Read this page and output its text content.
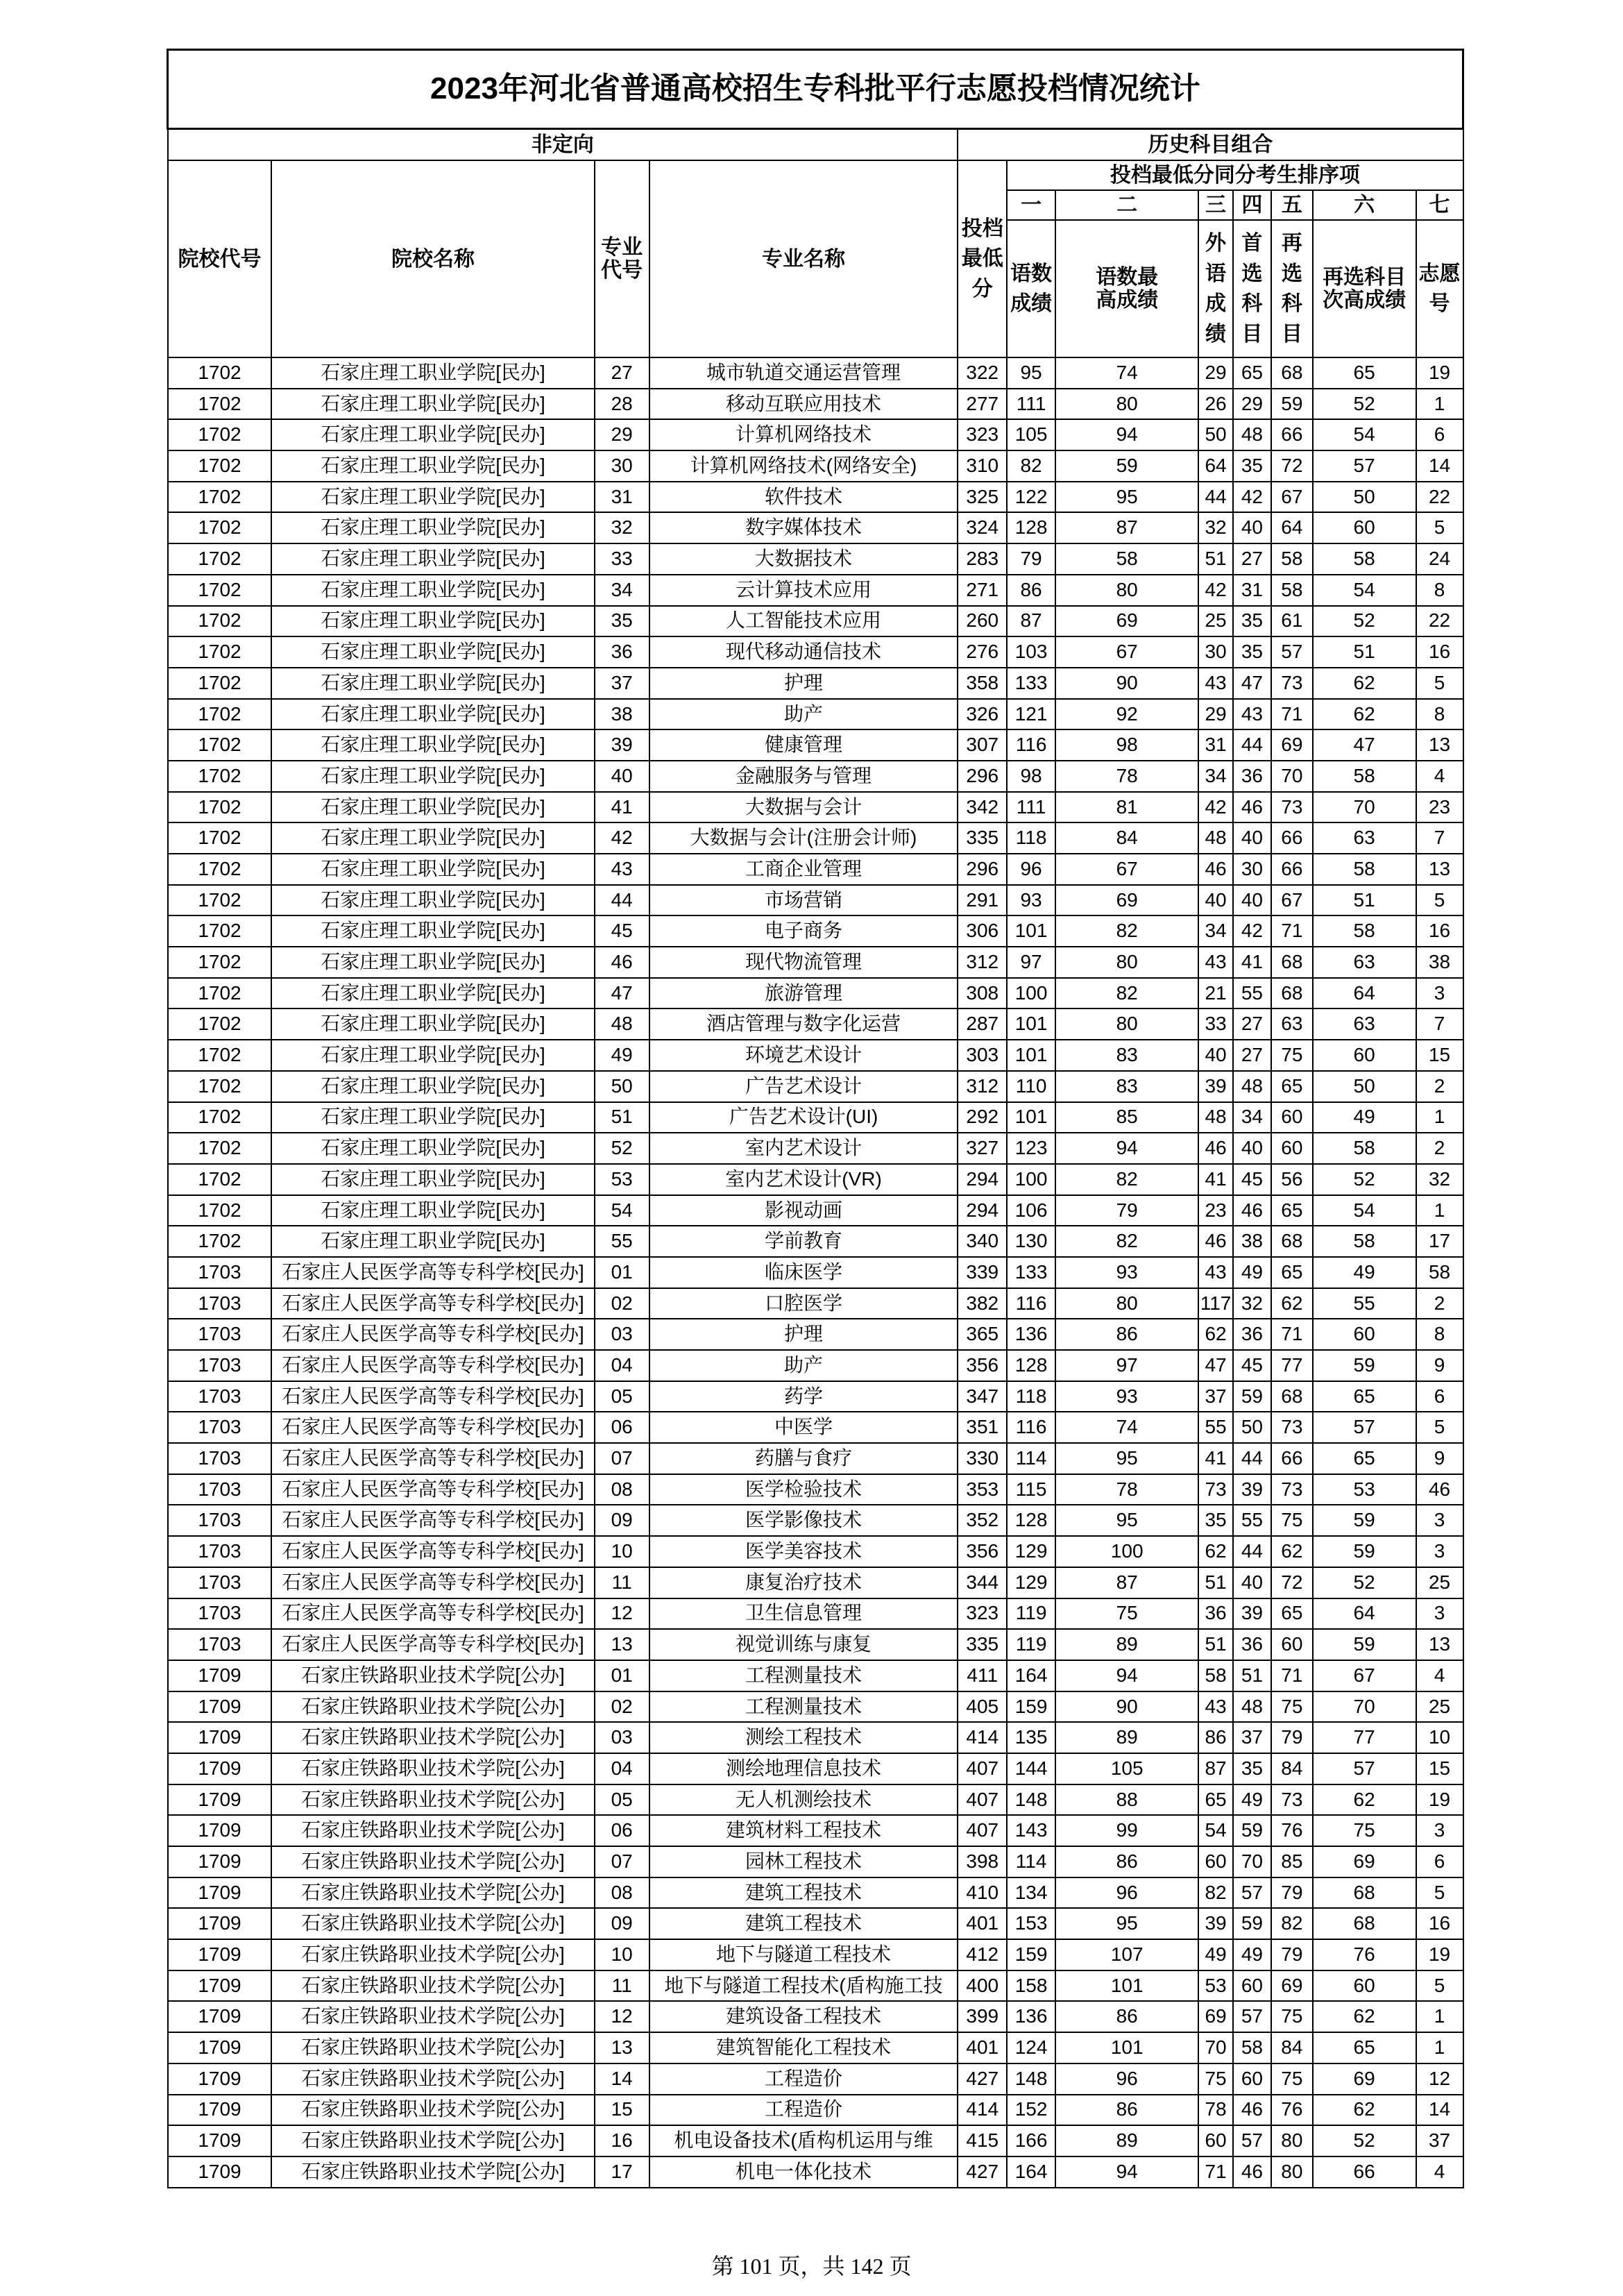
2023年河北省普通高校招生专科批平行志愿投档情况统计											
非定向				历史科目组合							
院校代号	院校名称	专业代号	专业名称	投档最低分	投档最低分同分考生排序项						
					一	二	三	四	五	六	七
					语数成绩	语数最高成绩	外语成绩	首选科目	再选科目	再选科目次高成绩	志愿号
1702	石家庄理工职业学院[民办]	27	城市轨道交通运营管理	322	95	74	29	65	68	65	19
1702	石家庄理工职业学院[民办]	28	移动互联应用技术	277	111	80	26	29	59	52	1
1702	石家庄理工职业学院[民办]	29	计算机网络技术	323	105	94	50	48	66	54	6
1702	石家庄理工职业学院[民办]	30	计算机网络技术(网络安全)	310	82	59	64	35	72	57	14
1702	石家庄理工职业学院[民办]	31	软件技术	325	122	95	44	42	67	50	22
1702	石家庄理工职业学院[民办]	32	数字媒体技术	324	128	87	32	40	64	60	5
1702	石家庄理工职业学院[民办]	33	大数据技术	283	79	58	51	27	58	58	24
1702	石家庄理工职业学院[民办]	34	云计算技术应用	271	86	80	42	31	58	54	8
1702	石家庄理工职业学院[民办]	35	人工智能技术应用	260	87	69	25	35	61	52	22
1702	石家庄理工职业学院[民办]	36	现代移动通信技术	276	103	67	30	35	57	51	16
1702	石家庄理工职业学院[民办]	37	护理	358	133	90	43	47	73	62	5
1702	石家庄理工职业学院[民办]	38	助产	326	121	92	29	43	71	62	8
1702	石家庄理工职业学院[民办]	39	健康管理	307	116	98	31	44	69	47	13
1702	石家庄理工职业学院[民办]	40	金融服务与管理	296	98	78	34	36	70	58	4
1702	石家庄理工职业学院[民办]	41	大数据与会计	342	111	81	42	46	73	70	23
1702	石家庄理工职业学院[民办]	42	大数据与会计(注册会计师)	335	118	84	48	40	66	63	7
1702	石家庄理工职业学院[民办]	43	工商企业管理	296	96	67	46	30	66	58	13
1702	石家庄理工职业学院[民办]	44	市场营销	291	93	69	40	40	67	51	5
1702	石家庄理工职业学院[民办]	45	电子商务	306	101	82	34	42	71	58	16
1702	石家庄理工职业学院[民办]	46	现代物流管理	312	97	80	43	41	68	63	38
1702	石家庄理工职业学院[民办]	47	旅游管理	308	100	82	21	55	68	64	3
1702	石家庄理工职业学院[民办]	48	酒店管理与数字化运营	287	101	80	33	27	63	63	7
1702	石家庄理工职业学院[民办]	49	环境艺术设计	303	101	83	40	27	75	60	15
1702	石家庄理工职业学院[民办]	50	广告艺术设计	312	110	83	39	48	65	50	2
1702	石家庄理工职业学院[民办]	51	广告艺术设计(UI)	292	101	85	48	34	60	49	1
1702	石家庄理工职业学院[民办]	52	室内艺术设计	327	123	94	46	40	60	58	2
1702	石家庄理工职业学院[民办]	53	室内艺术设计(VR)	294	100	82	41	45	56	52	32
1702	石家庄理工职业学院[民办]	54	影视动画	294	106	79	23	46	65	54	1
1702	石家庄理工职业学院[民办]	55	学前教育	340	130	82	46	38	68	58	17
1703	石家庄人民医学高等专科学校[民办]	01	临床医学	339	133	93	43	49	65	49	58
1703	石家庄人民医学高等专科学校[民办]	02	口腔医学	382	116	80	117	32	62	55	2
1703	石家庄人民医学高等专科学校[民办]	03	护理	365	136	86	62	36	71	60	8
1703	石家庄人民医学高等专科学校[民办]	04	助产	356	128	97	47	45	77	59	9
1703	石家庄人民医学高等专科学校[民办]	05	药学	347	118	93	37	59	68	65	6
1703	石家庄人民医学高等专科学校[民办]	06	中医学	351	116	74	55	50	73	57	5
1703	石家庄人民医学高等专科学校[民办]	07	药膳与食疗	330	114	95	41	44	66	65	9
1703	石家庄人民医学高等专科学校[民办]	08	医学检验技术	353	115	78	73	39	73	53	46
1703	石家庄人民医学高等专科学校[民办]	09	医学影像技术	352	128	95	35	55	75	59	3
1703	石家庄人民医学高等专科学校[民办]	10	医学美容技术	356	129	100	62	44	62	59	3
1703	石家庄人民医学高等专科学校[民办]	11	康复治疗技术	344	129	87	51	40	72	52	25
1703	石家庄人民医学高等专科学校[民办]	12	卫生信息管理	323	119	75	36	39	65	64	3
1703	石家庄人民医学高等专科学校[民办]	13	视觉训练与康复	335	119	89	51	36	60	59	13
1709	石家庄铁路职业技术学院[公办]	01	工程测量技术	411	164	94	58	51	71	67	4
1709	石家庄铁路职业技术学院[公办]	02	工程测量技术	405	159	90	43	48	75	70	25
1709	石家庄铁路职业技术学院[公办]	03	测绘工程技术	414	135	89	86	37	79	77	10
1709	石家庄铁路职业技术学院[公办]	04	测绘地理信息技术	407	144	105	87	35	84	57	15
1709	石家庄铁路职业技术学院[公办]	05	无人机测绘技术	407	148	88	65	49	73	62	19
1709	石家庄铁路职业技术学院[公办]	06	建筑材料工程技术	407	143	99	54	59	76	75	3
1709	石家庄铁路职业技术学院[公办]	07	园林工程技术	398	114	86	60	70	85	69	6
1709	石家庄铁路职业技术学院[公办]	08	建筑工程技术	410	134	96	82	57	79	68	5
1709	石家庄铁路职业技术学院[公办]	09	建筑工程技术	401	153	95	39	59	82	68	16
1709	石家庄铁路职业技术学院[公办]	10	地下与隧道工程技术	412	159	107	49	49	79	76	19
1709	石家庄铁路职业技术学院[公办]	11	地下与隧道工程技术(盾构施工技	400	158	101	53	60	69	60	5
1709	石家庄铁路职业技术学院[公办]	12	建筑设备工程技术	399	136	86	69	57	75	62	1
1709	石家庄铁路职业技术学院[公办]	13	建筑智能化工程技术	401	124	101	70	58	84	65	1
1709	石家庄铁路职业技术学院[公办]	14	工程造价	427	148	96	75	60	75	69	12
1709	石家庄铁路职业技术学院[公办]	15	工程造价	414	152	86	78	46	76	62	14
1709	石家庄铁路职业技术学院[公办]	16	机电设备技术(盾构机运用与维	415	166	89	60	57	80	52	37
1709	石家庄铁路职业技术学院[公办]	17	机电一体化技术	427	164	94	71	46	80	66	4
第 101 页，共 142 页
